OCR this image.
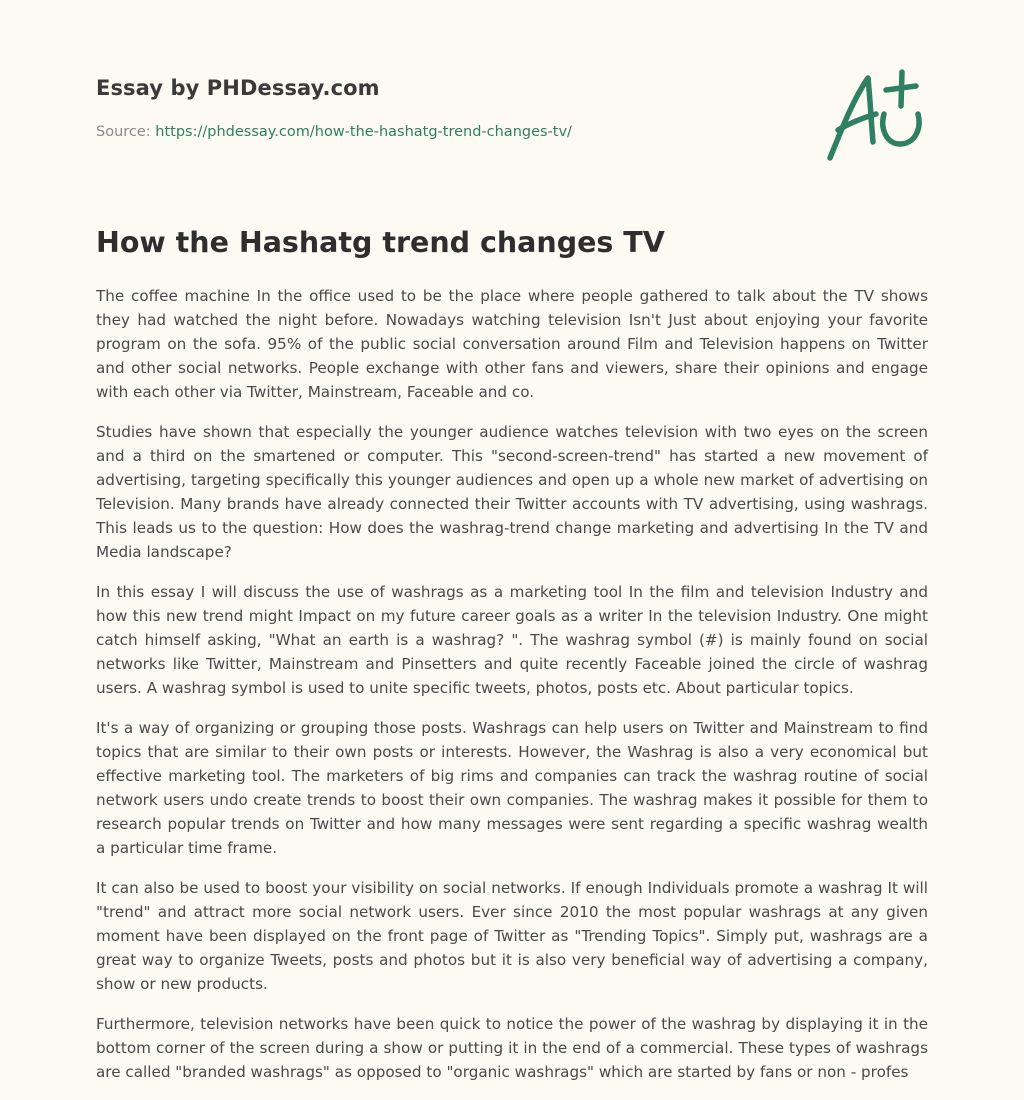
Essay by PHDessay.com
Source: https://phdessay.com/how-the-hashatg-trend-changes-tv/
How the Hashatg trend changes TV

The coffee machine In the office used to be the place where people gathered to talk about the TV shows they had watched the night before. Nowadays watching television Isn't Just about enjoying your favorite program on the sofa. 95% of the public social conversation around Film and Television happens on Twitter and other social networks. People exchange with other fans and viewers, share their opinions and engage with each other via Twitter, Mainstream, Faceable and co.

Studies have shown that especially the younger audience watches television with two eyes on the screen and a third on the smartened or computer. This "second-screen-trend" has started a new movement of advertising, targeting specifically this younger audiences and open up a whole new market of advertising on Television. Many brands have already connected their Twitter accounts with TV advertising, using washrags. This leads us to the question: How does the washrag-trend change marketing and advertising In the TV and Media landscape?

In this essay I will discuss the use of washrags as a marketing tool In the film and television Industry and how this new trend might Impact on my future career goals as a writer In the television Industry. One might catch himself asking, "What an earth is a washrag? ". The washrag symbol (#) is mainly found on social networks like Twitter, Mainstream and Pinsetters and quite recently Faceable joined the circle of washrag users. A washrag symbol is used to unite specific tweets, photos, posts etc. About particular topics.

It's a way of organizing or grouping those posts. Washrags can help users on Twitter and Mainstream to find topics that are similar to their own posts or interests. However, the Washrag is also a very economical but effective marketing tool. The marketers of big rims and companies can track the washrag routine of social network users undo create trends to boost their own companies. The washrag makes it possible for them to research popular trends on Twitter and how many messages were sent regarding a specific washrag wealth a particular time frame.

It can also be used to boost your visibility on social networks. If enough Individuals promote a washrag It will "trend" and attract more social network users. Ever since 2010 the most popular washrags at any given moment have been displayed on the front page of Twitter as "Trending Topics". Simply put, washrags are a great way to organize Tweets, posts and photos but it is also very beneficial way of advertising a company, show or new products.

Furthermore, television networks have been quick to notice the power of the washrag by displaying it in the bottom corner of the screen during a show or putting it in the end of a commercial. These types of washrags are called "branded washrags" as opposed to "organic washrags" which are started by fans or non - profes
